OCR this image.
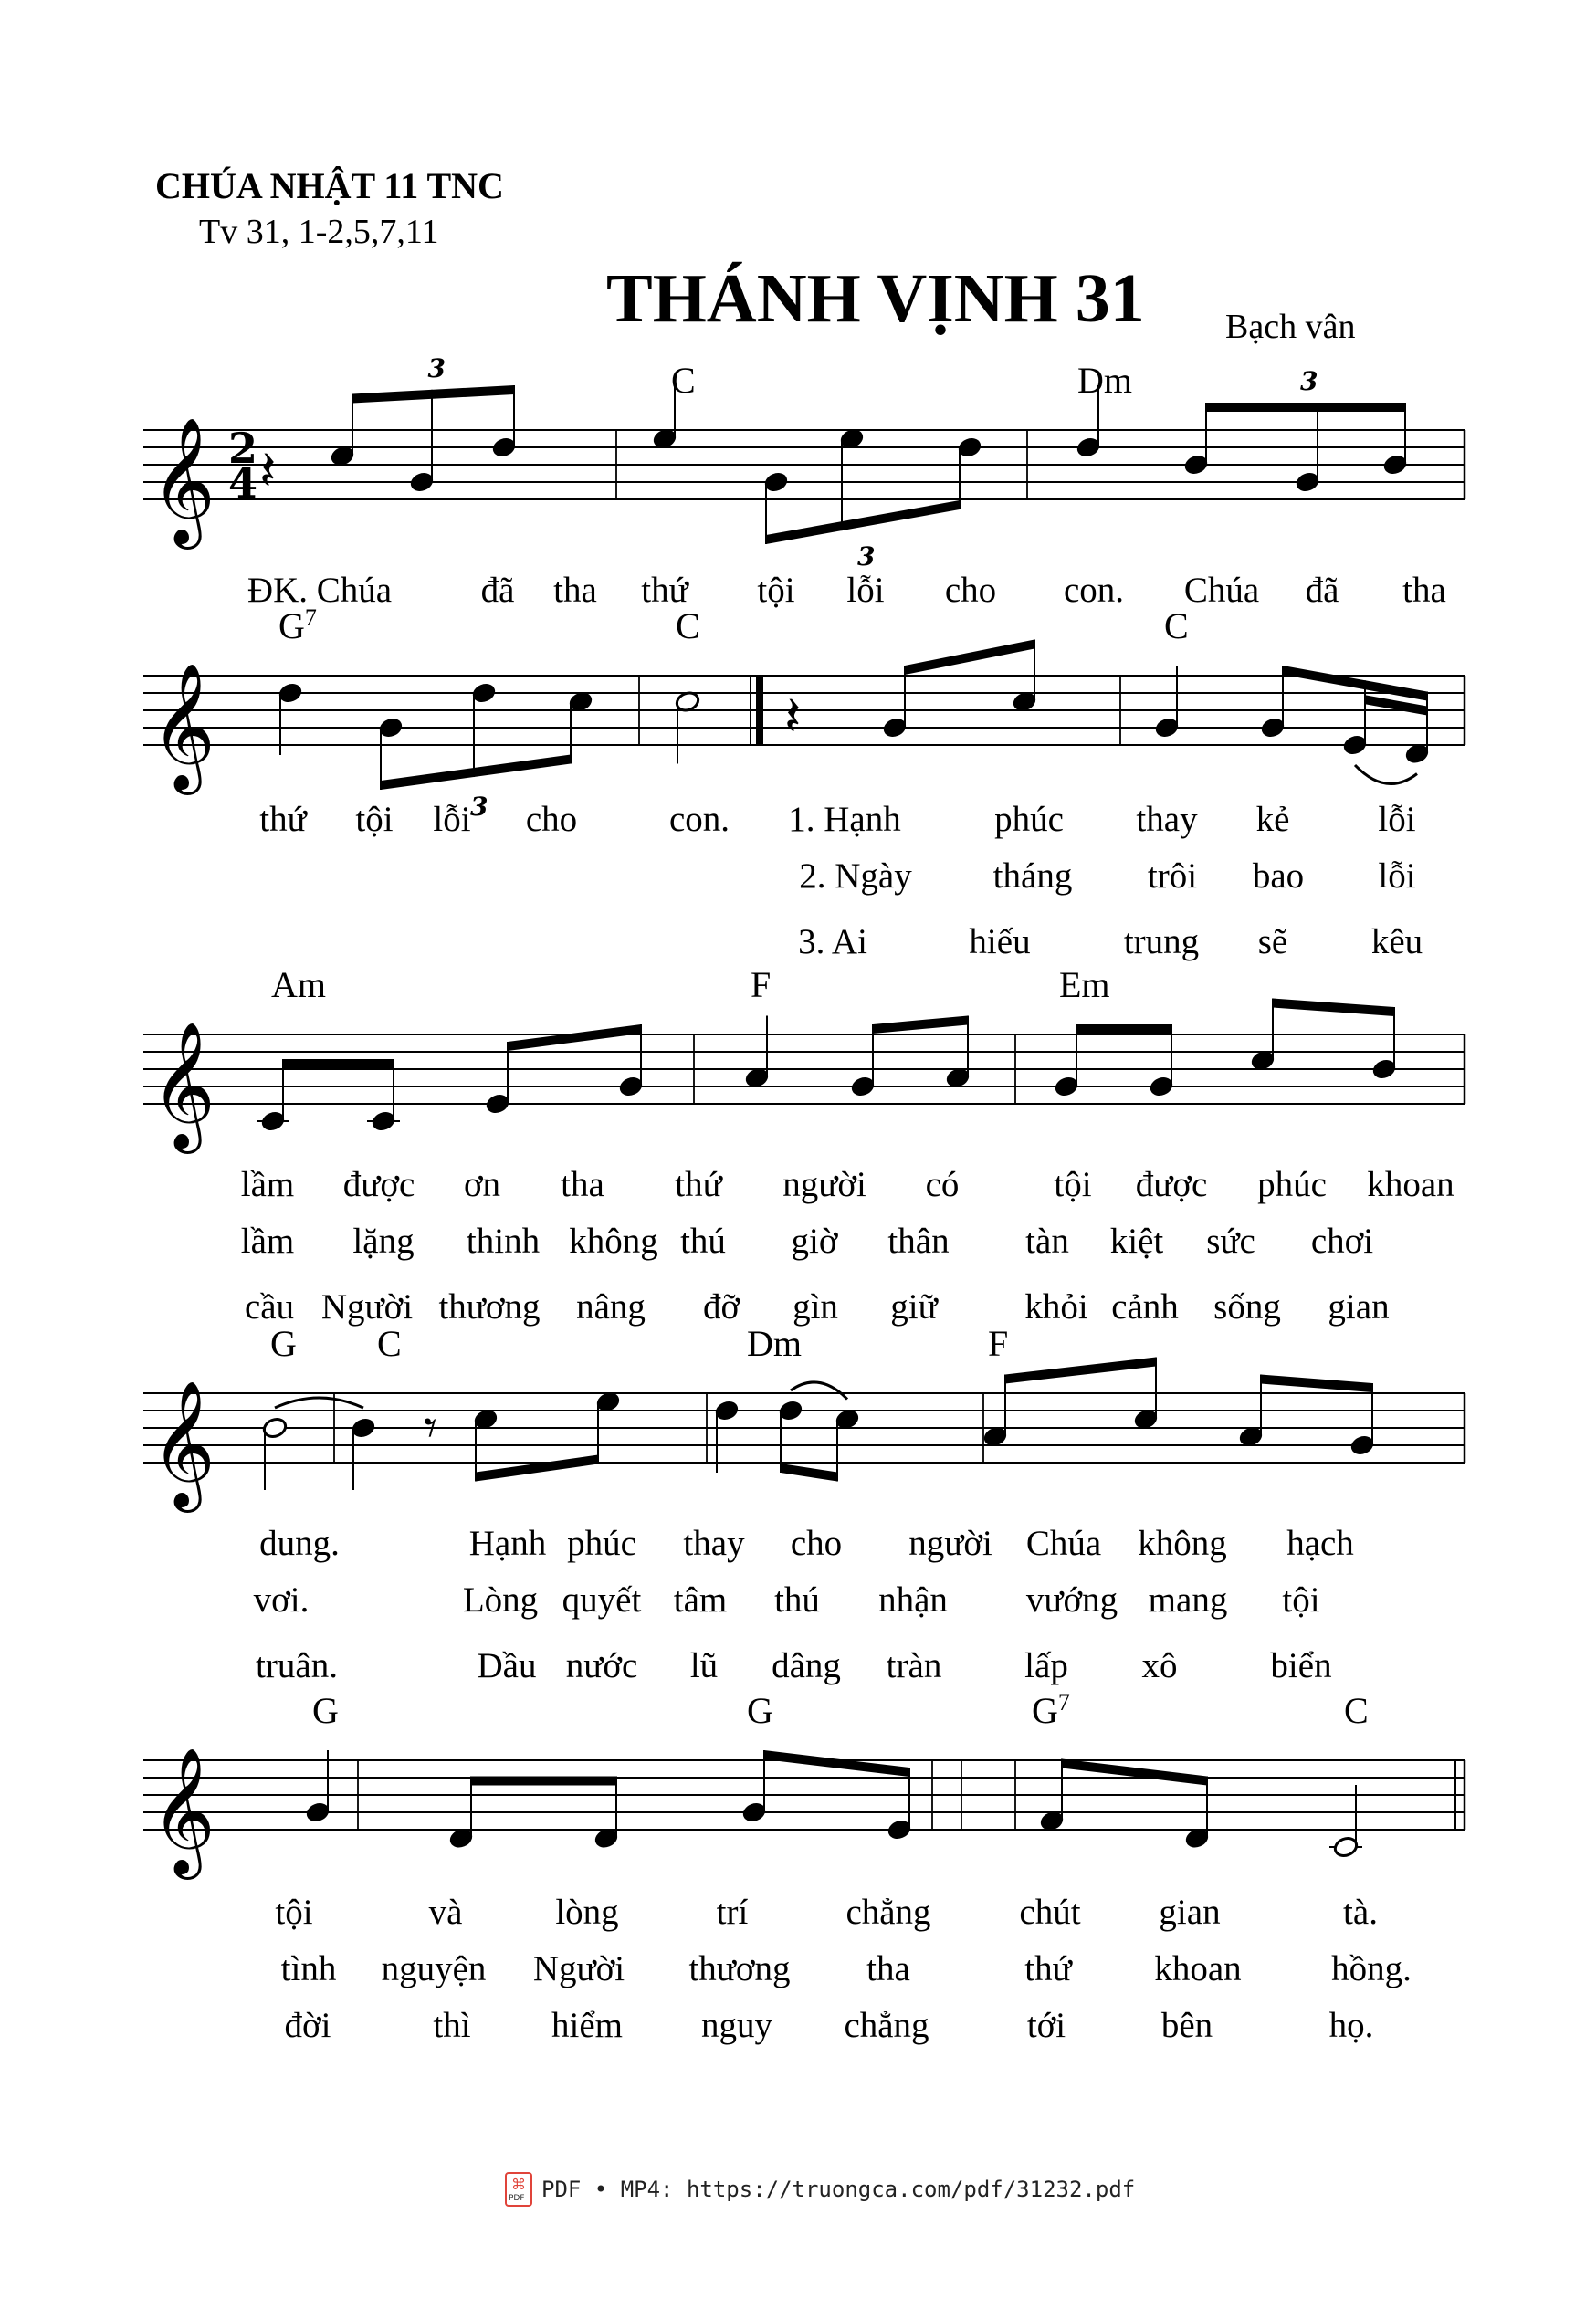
CHÚA NHẬT 11 TNC
Tv 31, 1-2,5,7,11
THÁNH VỊNH 31 Bạch vân
𝄞 2
4 𝄽
3
3
3
𝄞	𝄽
3
𝄞
𝄞	𝄾
𝄞
C	Dm
ĐK. Chúa	đã tha thứ tội lỗi cho con. Chúa đã tha
$G^7$	C	C
thứ tội lỗi cho	con. 1. Hạnh	phúc thay kẻ lỗi
2. Ngày tháng trôi bao lỗi
3. Ai	hiếu	trung sẽ kêu
Am	F	Em
lầm được ơn tha thứ người có	tội được phúc khoan
lầm lặng thinh không thú giờ thân tàn kiệt sức chơi
cầu Người thương nâng đỡ gìn giữ khỏi cảnh sống gian
G C	Dm	F
dung.	Hạnh phúc thay cho người Chúa không hạch
vơi.	Lòng quyết tâm thú nhận vướng mang tội
truân.	Dầu nước lũ dâng tràn lấp xô	biển
G	G	$G^7$	C
tội	và	lòng	trí	chẳng chút gian	tà.
tình nguyện Người thương tha	thứ khoan	hồng.
đời	thì hiểm nguy chẳng	tới	bên	họ.
⌘
PDF PDF • MP4: https://truongca.com/pdf/31232.pdf
